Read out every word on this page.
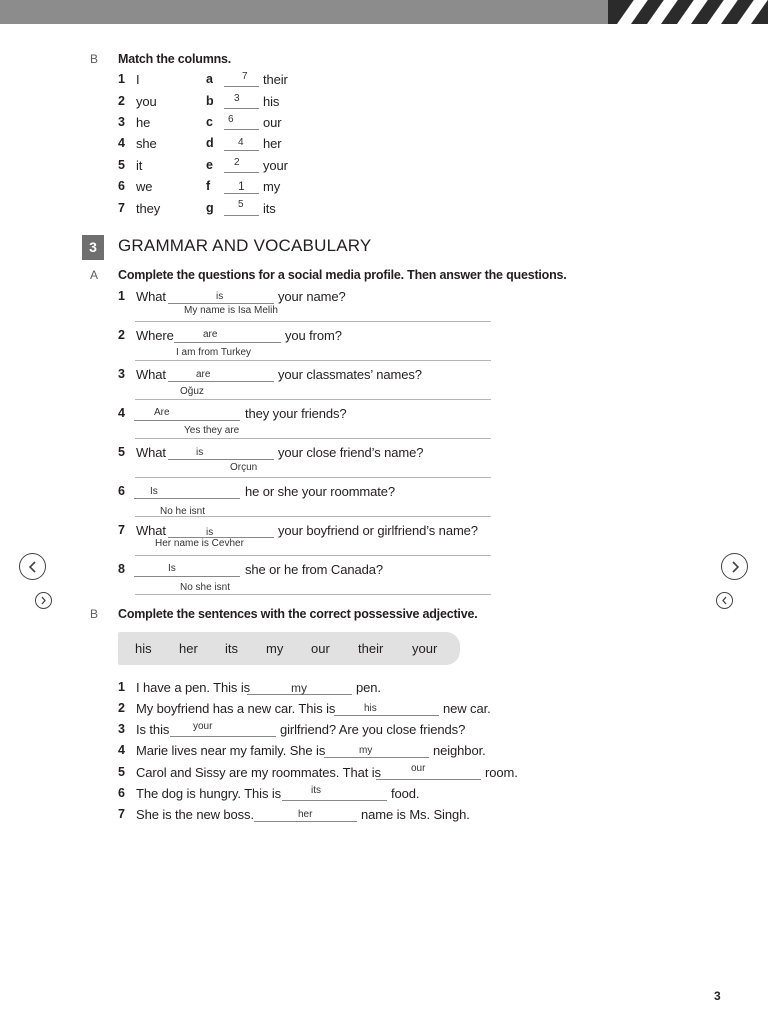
B Match the columns.
1 I	a	7 their
2 you	b 3 his
3 he	c 6 our
4 she	d 4 her
5 it	e 2 your
6 we	f 1 my
7 they	g 5 its
3	GRAMMAR AND VOCABULARY
A Complete the questions for a social media profile. Then answer the questions.
1 What	is	your name?
My name is Isa Melih
2 Where	are	you from?
I am from Turkey
3 What	are	your classmates’ names?
Oğuz
4	Are	they your friends?
Yes they are
5 What	is	your close friend’s name?
Orçun
6	Is	he or she your roommate?
No he isnt
7 What	is	your boyfriend or girlfriend’s name?
Her name is Cevher
8	Is	she or he from Canada?
No she isnt
B Complete the sentences with the correct possessive adjective.
his her its my our their your
1 I have a pen. This is	my	pen.
2 My boyfriend has a new car. This is	his	new car.
3 Is this your	girlfriend? Are you close friends?
4 Marie lives near my family. She is	my	neighbor.
5 Carol and Sissy are my roommates. That is	our	room.
6 The dog is hungry. This is	its	food.
7 She is the new boss.	her	name is Ms. Singh.
3
